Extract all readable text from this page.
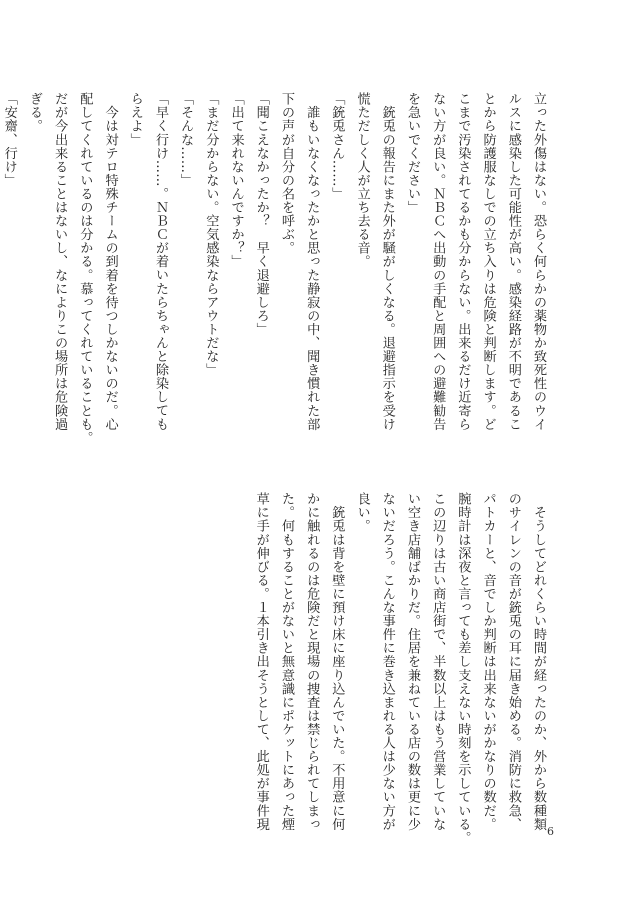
立った外傷はない。恐らく何らかの薬物か致死性のウイ
ルスに感染した可能性が高い。感染経路が不明であるこ
とから防護服なしでの立ち入りは危険と判断します。ど
こまで汚染されてるかも分からない。出来るだけ近寄ら
ない方が良い。ＮＢＣへ出動の手配と周囲への避難勧告
を急いでください」
　銃兎の報告にまた外が騒がしくなる。退避指示を受け
慌ただしく人が立ち去る音。
「銃兎さん……」
　誰もいなくなったかと思った静寂の中、聞き慣れた部
下の声が自分の名を呼ぶ。
「聞こえなかったか？　早く退避しろ」
「出て来れないんですか？」
「まだ分からない。空気感染ならアウトだな」
「そんな……」
「早く行け……。ＮＢＣが着いたらちゃんと除染しても
らえよ」
　今は対テロ特殊チームの到着を待つしかないのだ。心
配してくれているのは分かる。慕ってくれていることも。
だが今出来ることはないし、なによりこの場所は危険過
ぎる。
「安齋、行け」
　そうしてどれくらい時間が経ったのか、外から数種類
のサイレンの音が銃兎の耳に届き始める。消防に救急、
パトカーと、音でしか判断は出来ないがかなりの数だ。
腕時計は深夜と言っても差し支えない時刻を示している。
この辺りは古い商店街で、半数以上はもう営業していな
い空き店舗ばかりだ。住居を兼ねている店の数は更に少
ないだろう。こんな事件に巻き込まれる人は少ない方が
良い。
　銃兎は背を壁に預け床に座り込んでいた。不用意に何
かに触れるのは危険だと現場の捜査は禁じられてしまっ
た。何もすることがないと無意識にポケットにあった煙
草に手が伸びる。１本引き出そうとして、此処が事件現
6
